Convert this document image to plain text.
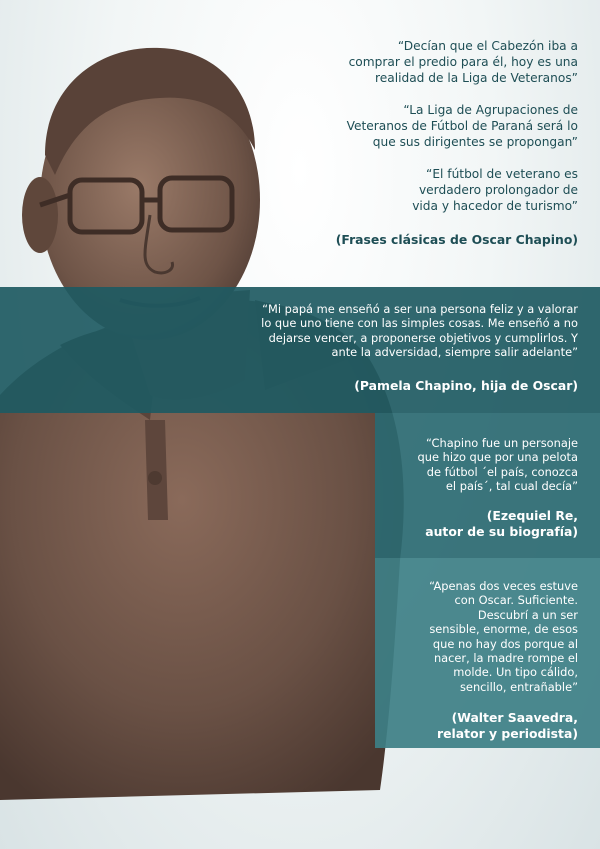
“Decían que el Cabezón iba a
comprar el predio para él, hoy es una
realidad de la Liga de Veteranos”

“La Liga de Agrupaciones de
Veteranos de Fútbol de Paraná será lo
que sus dirigentes se propongan”

“El fútbol de veterano es
verdadero prolongador de
vida y hacedor de turismo”

(Frases clásicas de Oscar Chapino)

“Mi papá me enseñó a ser una persona feliz y a valorar
lo que uno tiene con las simples cosas. Me enseñó a no
dejarse vencer, a proponerse objetivos y cumplirlos. Y
ante la adversidad, siempre salir adelante”

(Pamela Chapino, hija de Oscar)

“Chapino fue un personaje
que hizo que por una pelota
de fútbol ´el país, conozca
el país´, tal cual decía”

(Ezequiel Re,
autor de su biografía)

“Apenas dos veces estuve
con Oscar. Suficiente.
Descubrí a un ser
sensible, enorme, de esos
que no hay dos porque al
nacer, la madre rompe el
molde. Un tipo cálido,
sencillo, entrañable”

(Walter Saavedra,
relator y periodista)
